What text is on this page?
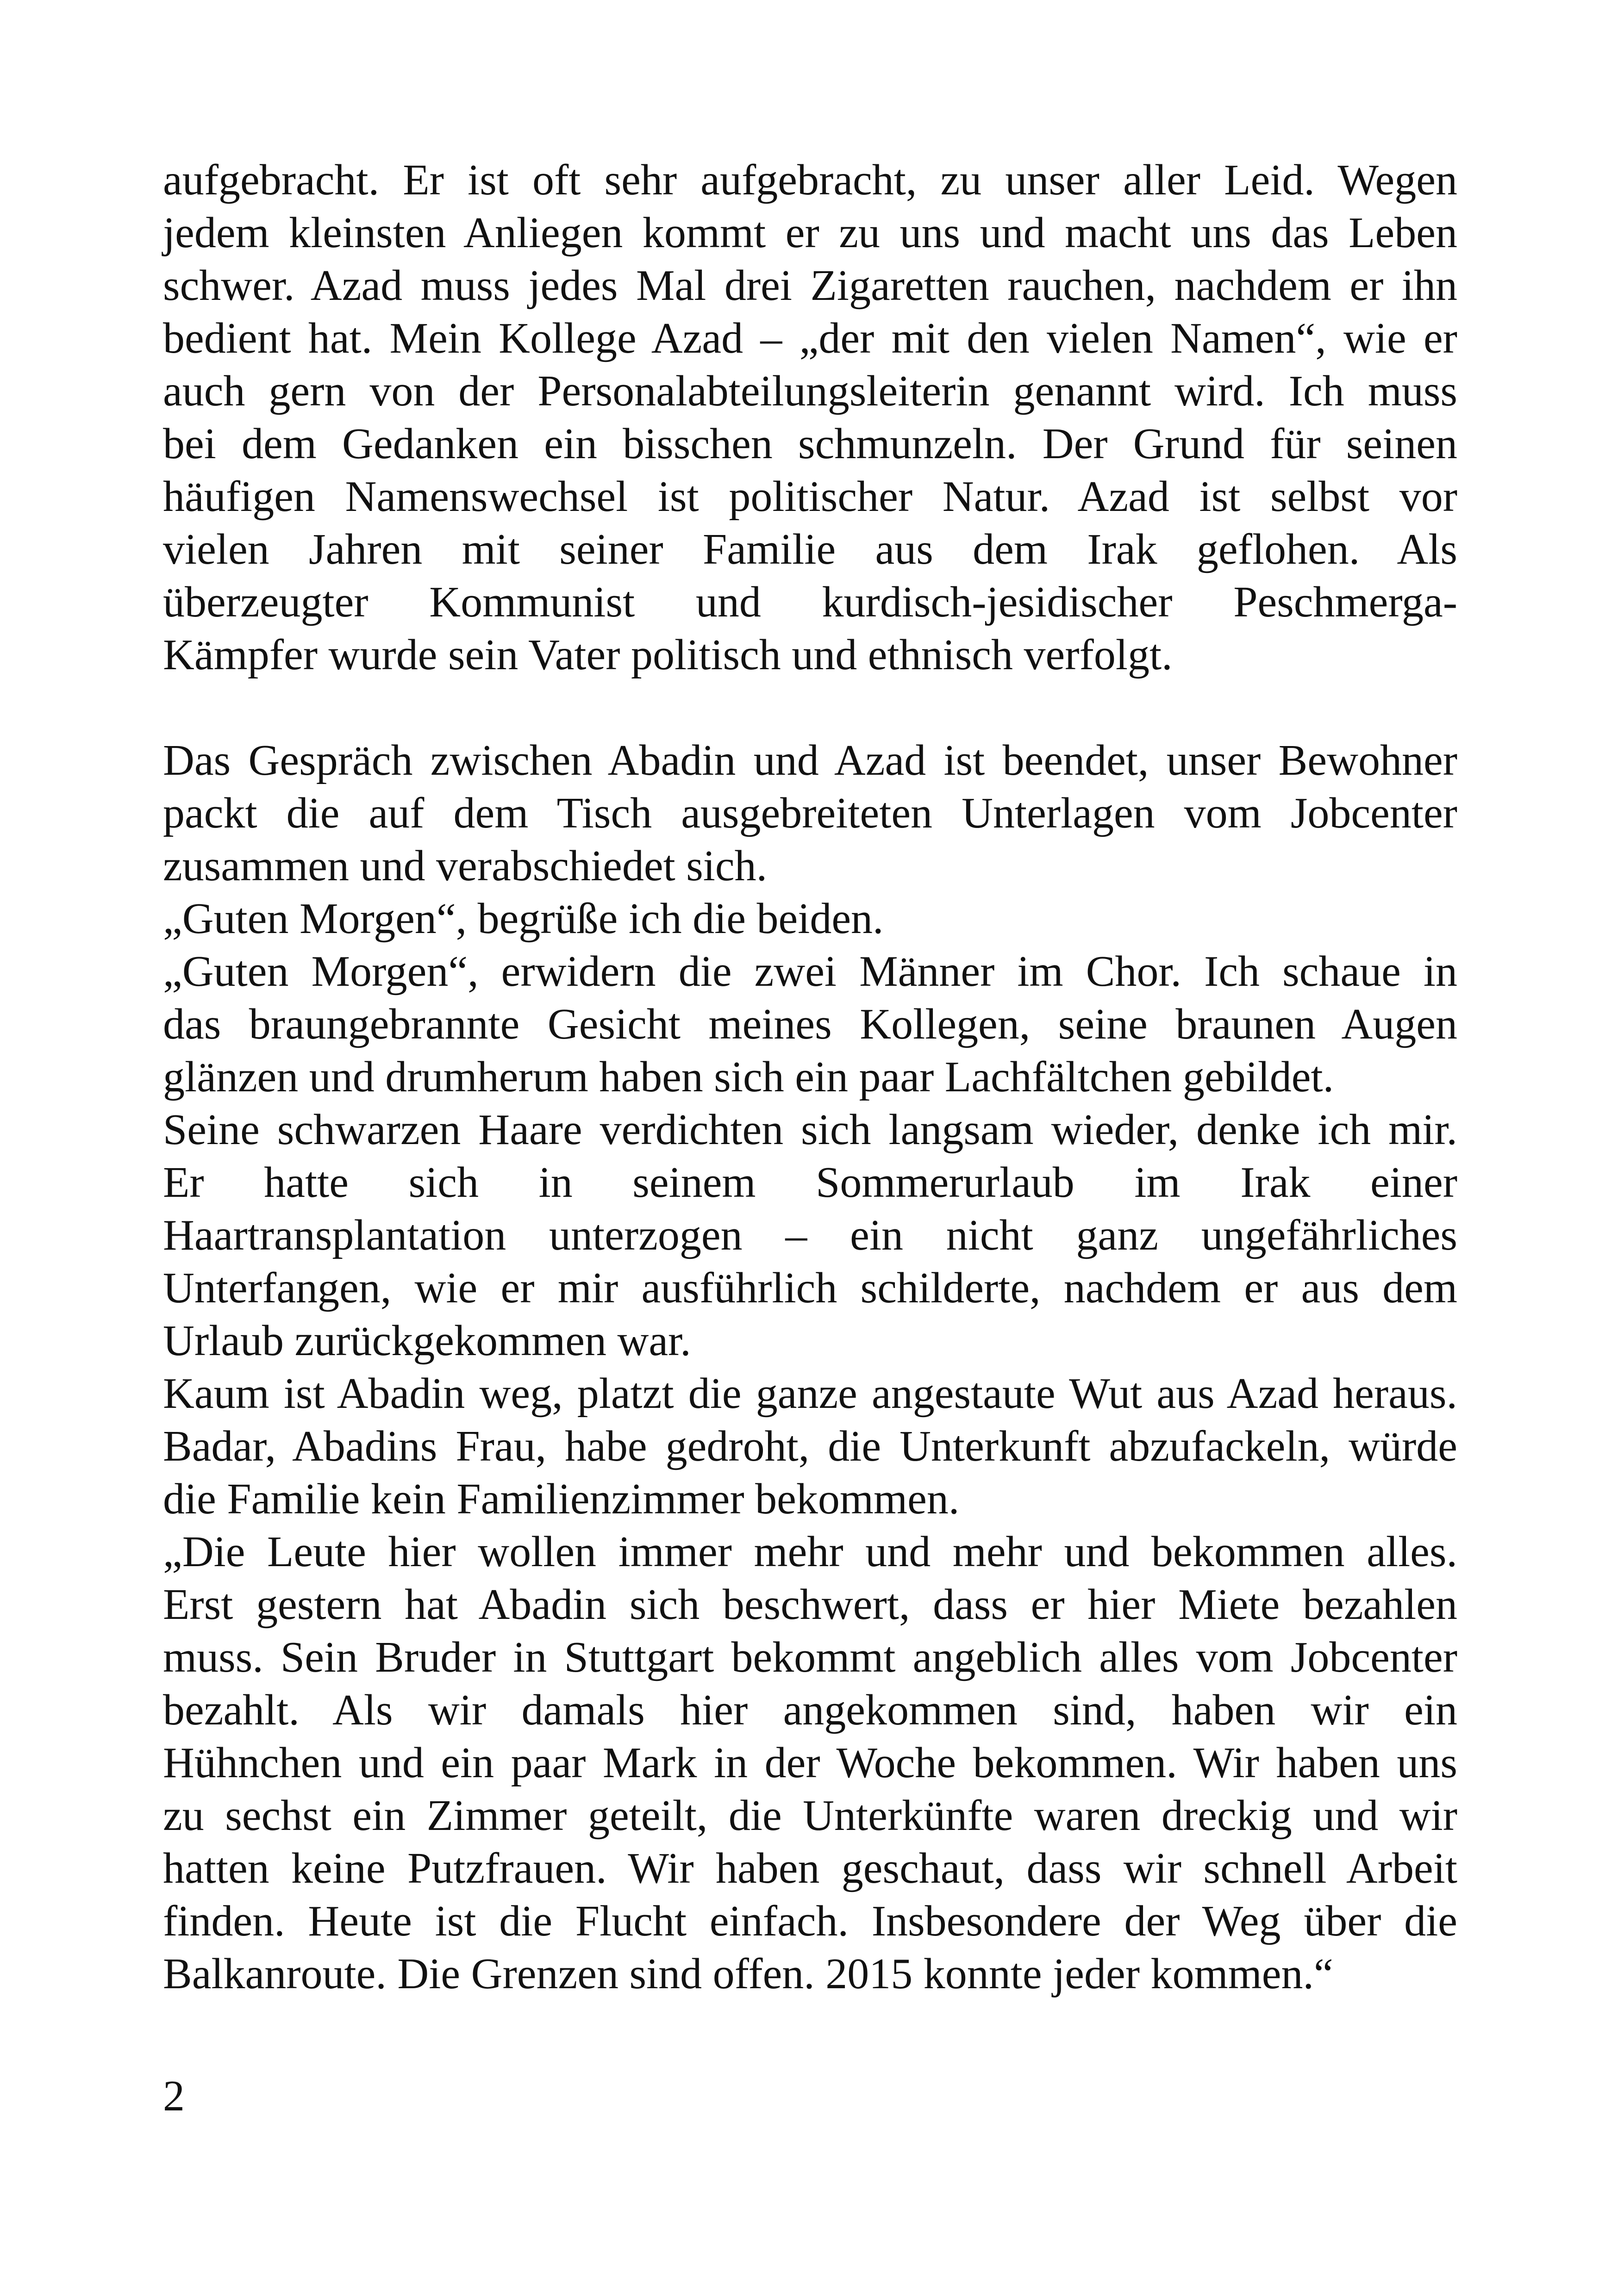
aufgebracht. Er ist oft sehr aufgebracht, zu unser aller Leid. Wegen
jedem kleinsten Anliegen kommt er zu uns und macht uns das Leben
schwer. Azad muss jedes Mal drei Zigaretten rauchen, nachdem er ihn
bedient hat. Mein Kollege Azad – „der mit den vielen Namen“, wie er
auch gern von der Personalabteilungsleiterin genannt wird. Ich muss
bei dem Gedanken ein bisschen schmunzeln. Der Grund für seinen
häufigen Namenswechsel ist politischer Natur. Azad ist selbst vor
vielen Jahren mit seiner Familie aus dem Irak geflohen. Als
überzeugter Kommunist und kurdisch-jesidischer Peschmerga-
Kämpfer wurde sein Vater politisch und ethnisch verfolgt.
Das Gespräch zwischen Abadin und Azad ist beendet, unser Bewohner
packt die auf dem Tisch ausgebreiteten Unterlagen vom Jobcenter
zusammen und verabschiedet sich.
„Guten Morgen“, begrüße ich die beiden.
„Guten Morgen“, erwidern die zwei Männer im Chor. Ich schaue in
das braungebrannte Gesicht meines Kollegen, seine braunen Augen
glänzen und drumherum haben sich ein paar Lachfältchen gebildet.
Seine schwarzen Haare verdichten sich langsam wieder, denke ich mir.
Er hatte sich in seinem Sommerurlaub im Irak einer
Haartransplantation unterzogen – ein nicht ganz ungefährliches
Unterfangen, wie er mir ausführlich schilderte, nachdem er aus dem
Urlaub zurückgekommen war.
Kaum ist Abadin weg, platzt die ganze angestaute Wut aus Azad heraus.
Badar, Abadins Frau, habe gedroht, die Unterkunft abzufackeln, würde
die Familie kein Familienzimmer bekommen.
„Die Leute hier wollen immer mehr und mehr und bekommen alles.
Erst gestern hat Abadin sich beschwert, dass er hier Miete bezahlen
muss. Sein Bruder in Stuttgart bekommt angeblich alles vom Jobcenter
bezahlt. Als wir damals hier angekommen sind, haben wir ein
Hühnchen und ein paar Mark in der Woche bekommen. Wir haben uns
zu sechst ein Zimmer geteilt, die Unterkünfte waren dreckig und wir
hatten keine Putzfrauen. Wir haben geschaut, dass wir schnell Arbeit
finden. Heute ist die Flucht einfach. Insbesondere der Weg über die
Balkanroute. Die Grenzen sind offen. 2015 konnte jeder kommen.“
2
